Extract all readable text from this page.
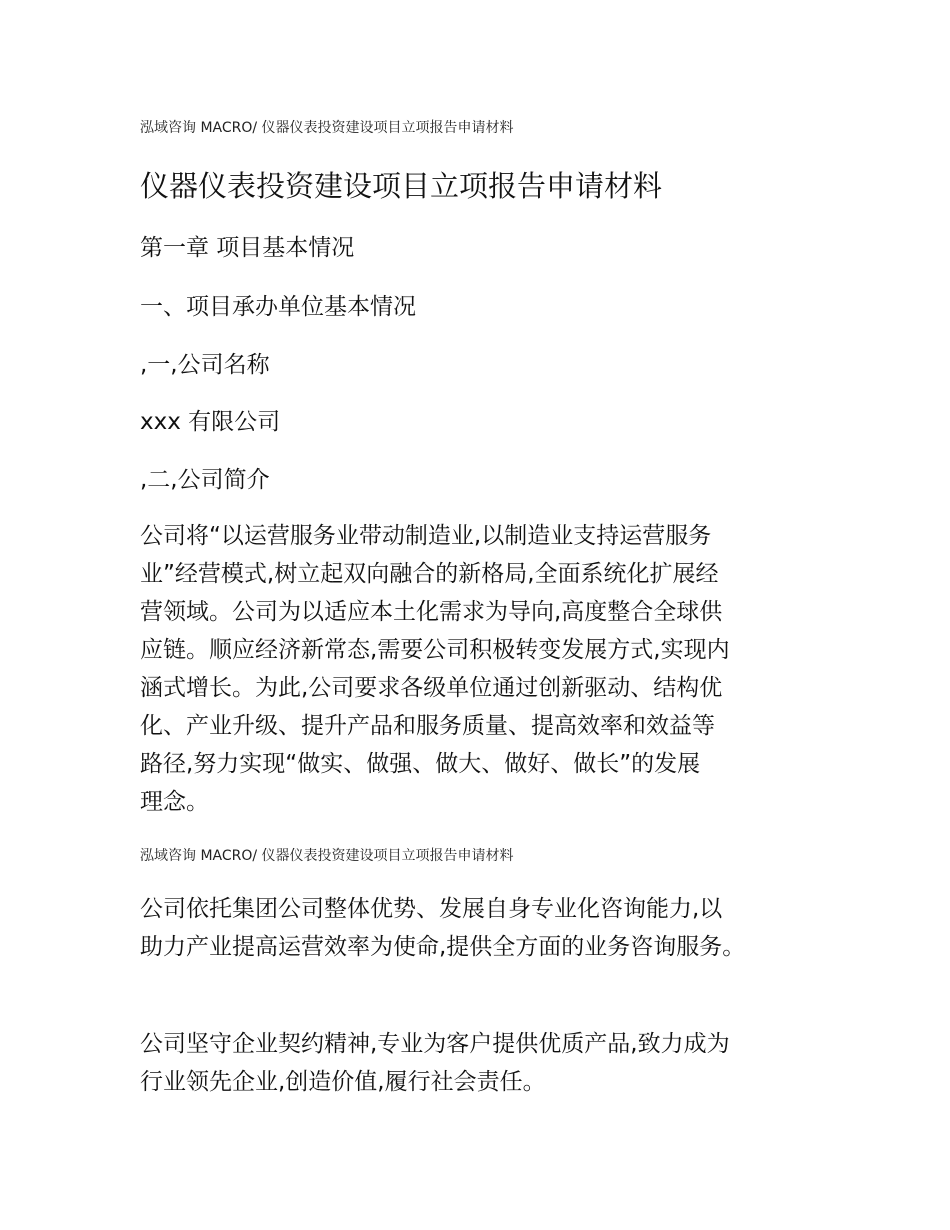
泓域咨询 MACRO/ 仪器仪表投资建设项目立项报告申请材料
仪器仪表投资建设项目立项报告申请材料
第一章 项目基本情况
一、项目承办单位基本情况
,一,公司名称
xxx 有限公司
,二,公司简介
公司将“以运营服务业带动制造业,以制造业支持运营服务
业”经营模式,树立起双向融合的新格局,全面系统化扩展经
营领域。公司为以适应本土化需求为导向,高度整合全球供
应链。顺应经济新常态,需要公司积极转变发展方式,实现内
涵式增长。为此,公司要求各级单位通过创新驱动、结构优
化、产业升级、提升产品和服务质量、提高效率和效益等
路径,努力实现“做实、做强、做大、做好、做长”的发展
理念。
泓域咨询 MACRO/ 仪器仪表投资建设项目立项报告申请材料
公司依托集团公司整体优势、发展自身专业化咨询能力,以
助力产业提高运营效率为使命,提供全方面的业务咨询服务。
公司坚守企业契约精神,专业为客户提供优质产品,致力成为
行业领先企业,创造价值,履行社会责任。
